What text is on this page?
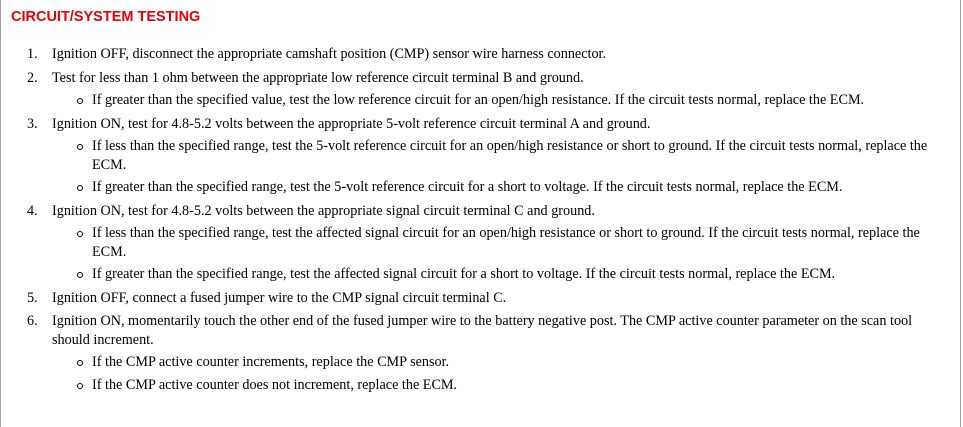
CIRCUIT/SYSTEM TESTING
1.	Ignition OFF, disconnect the appropriate camshaft position (CMP) sensor wire harness connector.
2.	Test for less than 1 ohm between the appropriate low reference circuit terminal B and ground.
If greater than the specified value, test the low reference circuit for an open/high resistance. If the circuit tests normal, replace the ECM.
3.	Ignition ON, test for 4.8-5.2 volts between the appropriate 5-volt reference circuit terminal A and ground.
If less than the specified range, test the 5-volt reference circuit for an open/high resistance or short to ground. If the circuit tests normal, replace the ECM.
If greater than the specified range, test the 5-volt reference circuit for a short to voltage. If the circuit tests normal, replace the ECM.
4.	Ignition ON, test for 4.8-5.2 volts between the appropriate signal circuit terminal C and ground.
If less than the specified range, test the affected signal circuit for an open/high resistance or short to ground. If the circuit tests normal, replace the ECM.
If greater than the specified range, test the affected signal circuit for a short to voltage. If the circuit tests normal, replace the ECM.
5.	Ignition OFF, connect a fused jumper wire to the CMP signal circuit terminal C.
6.	Ignition ON, momentarily touch the other end of the fused jumper wire to the battery negative post. The CMP active counter parameter on the scan tool should increment.
If the CMP active counter increments, replace the CMP sensor.
If the CMP active counter does not increment, replace the ECM.
